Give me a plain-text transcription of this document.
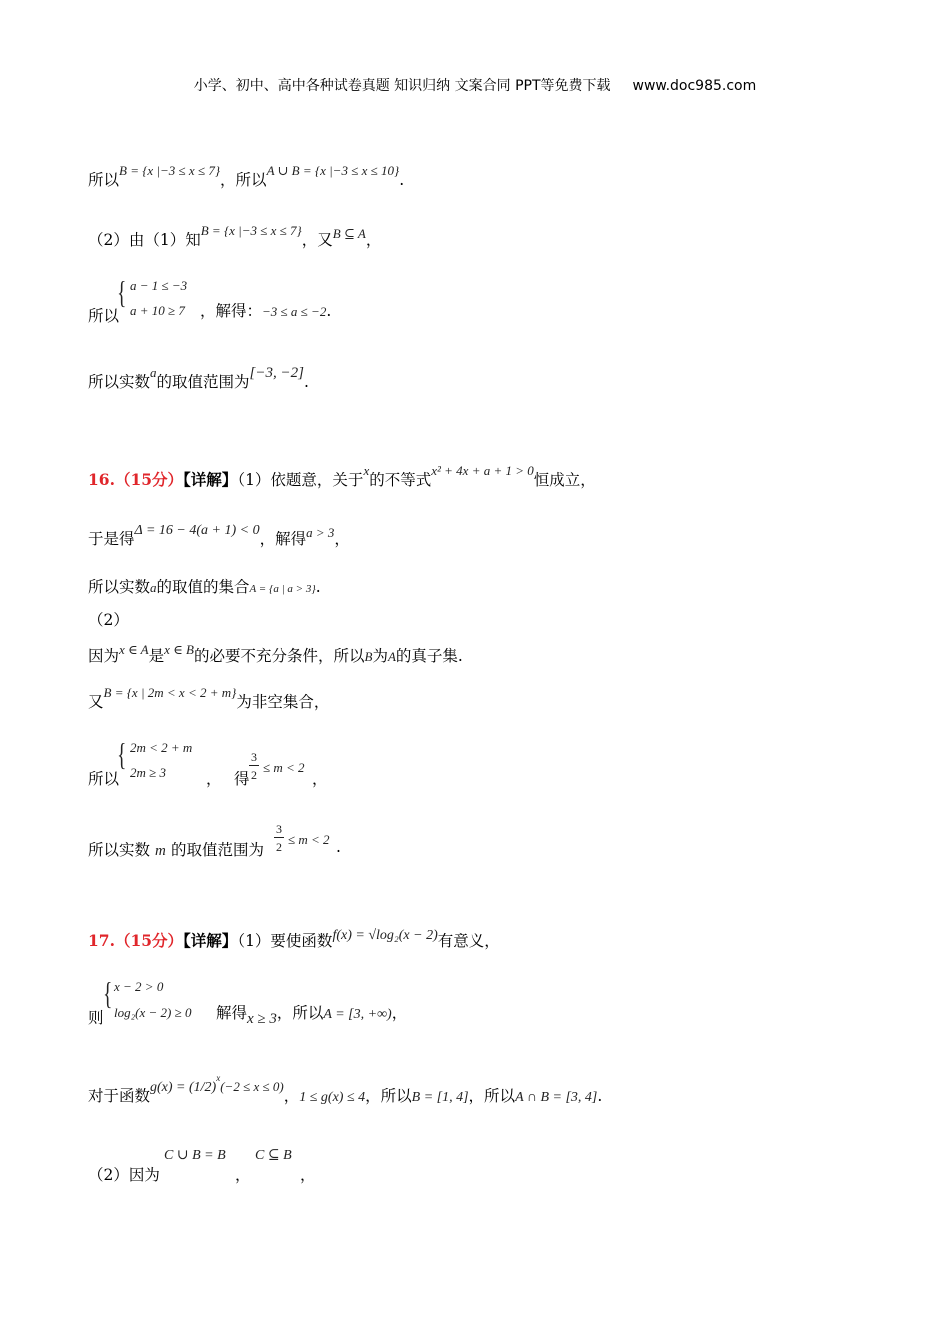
小学、初中、高中各种试卷真题 知识归纳 文案合同 PPT等免费下载 www.doc985.com
所以$^{B = \{x |-3 \le x \le 7\}}$，所以$^{A \cup B = \{x |-3 \le x \le 10\}}$.
（2）由（1）知$^{B = \{x |-3 \le x \le 7\}}$，又$^{B ⊆ A}$，
{ a − 1 ≤ −3
a + 10 ≥ 7
所以	，解得：−3 ≤ a ≤ −2.
所以实数$^a$的取值范围为[−3, −2].
16.（15分）【详解】（1）依题意，关于$^x$的不等式$^{x^2 + 4x + a + 1 > 0}$恒成立，
于是得Δ = 16 − 4(a + 1) < 0，解得$^{a > 3}$，
所以实数a的取值的集合A = {a | a > 3}.
（2）
因为$^{x \in A}$是$^{x \in B}$的必要不充分条件，所以B为A的真子集.
又$^{B = \{x | 2m < x < 2 + m\}}$为非空集合，
{ 2m < 2 + m
2m ≥ 3
所以	， 得
3
2 ≤ m < 2
，
所以实数 m 的取值范围为
3
2 ≤ m < 2 .
17.（15分）【详解】（1）要使函数f(x) = √log₂(x − 2)有意义，
{ x − 2 > 0
log₂(x − 2) ≥ 0
则	解得x ≥ 3，所以A = [3, +∞)，
对于函数$g(x) = (1/2)^{x(-2 \le x \le 0)}$，1 ≤ g(x) ≤ 4，所以B = [1, 4]，所以A ∩ B = [3, 4].
（2）因为
C ∪ B = B
，
C ⊆ B
，
